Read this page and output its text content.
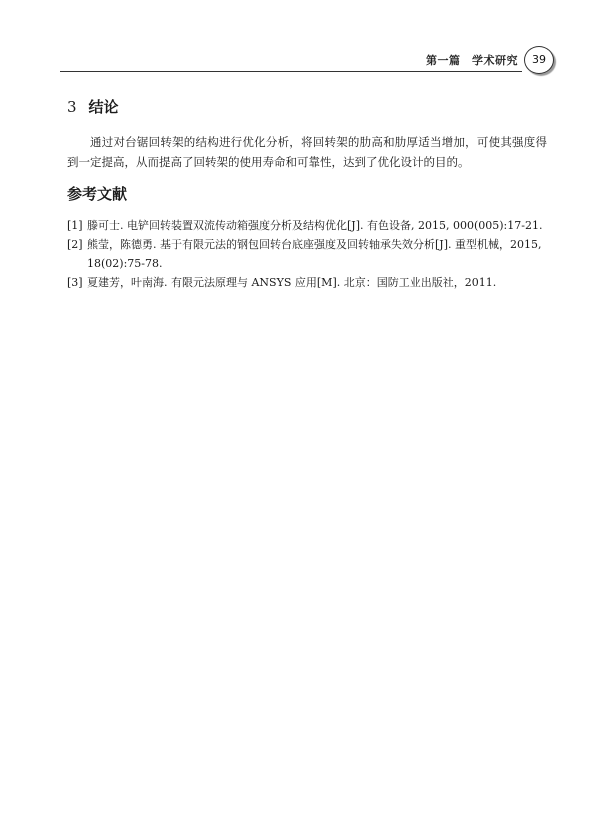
第一篇　学术研究	39
3 结论

通过对台锯回转架的结构进行优化分析，将回转架的肋高和肋厚适当增加，可使其强度得到一定提高，从而提高了回转架的使用寿命和可靠性，达到了优化设计的目的。

参考文献
[1] 滕可士. 电铲回转装置双流传动箱强度分析及结构优化[J]. 有色设备, 2015, 000(005):17-21.
[2] 熊莹，陈德勇. 基于有限元法的钢包回转台底座强度及回转轴承失效分析[J]. 重型机械，2015, 18(02):75-78.
[3] 夏建芳，叶南海. 有限元法原理与 ANSYS 应用[M]. 北京：国防工业出版社，2011.
